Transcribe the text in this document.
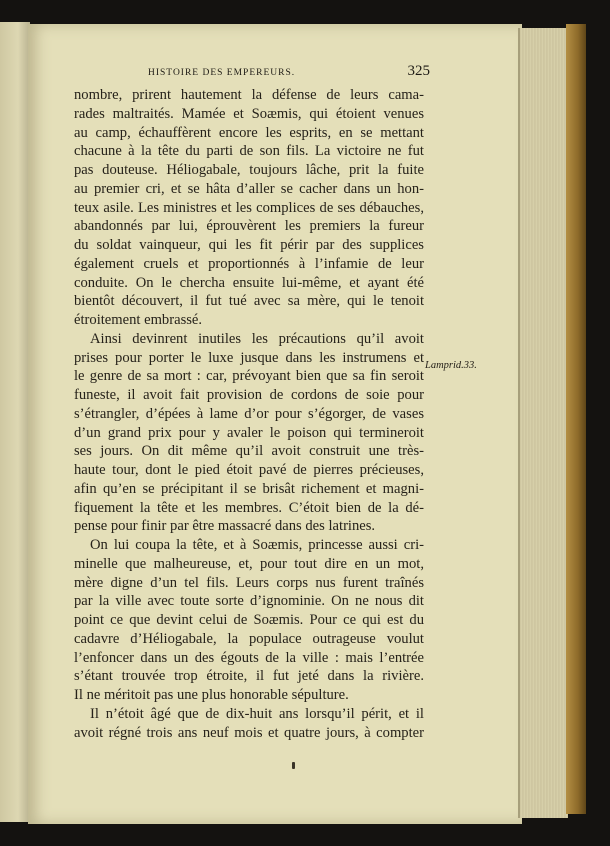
HISTOIRE DES EMPEREURS.	325
nombre, prirent hautement la défense de leurs cama-
rades maltraités. Mamée et Soæmis, qui étoient venues
au camp, échauffèrent encore les esprits, en se mettant
chacune à la tête du parti de son fils. La victoire ne fut
pas douteuse. Héliogabale, toujours lâche, prit la fuite
au premier cri, et se hâta d’aller se cacher dans un hon-
teux asile. Les ministres et les complices de ses débauches,
abandonnés par lui, éprouvèrent les premiers la fureur
du soldat vainqueur, qui les fit périr par des supplices
également cruels et proportionnés à l’infamie de leur
conduite. On le chercha ensuite lui-même, et ayant été
bientôt découvert, il fut tué avec sa mère, qui le tenoit
étroitement embrassé.
Ainsi devinrent inutiles les précautions qu’il avoit
prises pour porter le luxe jusque dans les instrumens et
le genre de sa mort : car, prévoyant bien que sa fin seroit
funeste, il avoit fait provision de cordons de soie pour
s’étrangler, d’épées à lame d’or pour s’égorger, de vases
d’un grand prix pour y avaler le poison qui termineroit
ses jours. On dit même qu’il avoit construit une très-
haute tour, dont le pied étoit pavé de pierres précieuses,
afin qu’en se précipitant il se brisât richement et magni-
fiquement la tête et les membres. C’étoit bien de la dé-
pense pour finir par être massacré dans des latrines.
On lui coupa la tête, et à Soæmis, princesse aussi cri-
minelle que malheureuse, et, pour tout dire en un mot,
mère digne d’un tel fils. Leurs corps nus furent traînés
par la ville avec toute sorte d’ignominie. On ne nous dit
point ce que devint celui de Soæmis. Pour ce qui est du
cadavre d’Héliogabale, la populace outrageuse voulut
l’enfoncer dans un des égouts de la ville : mais l’entrée
s’étant trouvée trop étroite, il fut jeté dans la rivière.
Il ne méritoit pas une plus honorable sépulture.
Il n’étoit âgé que de dix-huit ans lorsqu’il périt, et il
avoit régné trois ans neuf mois et quatre jours, à compter
Lamprid.33.
